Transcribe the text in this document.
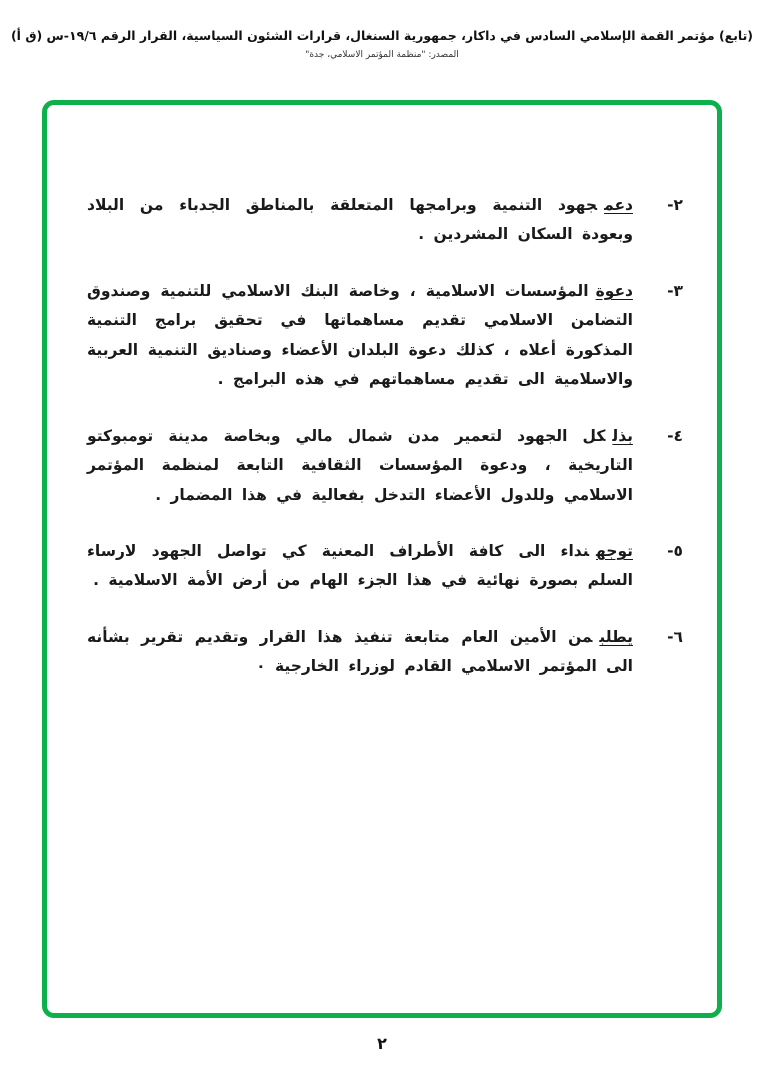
(تابع) مؤتمر القمة الإسلامي السادس في داكار، جمهورية السنغال، قرارات الشئون السياسية، القرار الرقم ١٩/٦-س (ق أ)
المصدر: "منظمة المؤتمر الاسلامي، جدة"
٢-
دعمجهود التنمية وبرامجها المتعلقة بالمناطق الجدباء من البلاد وبعودة السكان المشردين .
٣-
دعوةالمؤسسات الاسلامية ، وخاصة البنك الاسلامي للتنمية وصندوق التضامن الاسلامي تقديم مساهماتها في تحقيق برامج التنمية المذكورة أعلاه ، كذلك دعوة البلدان الأعضاء وصناديق التنمية العربية والاسلامية الى تقديم مساهماتهم في هذه البرامج .
٤-
بذلكل الجهود لتعمير مدن شمال مالي وبخاصة مدينة تومبوكتو التاريخية ، ودعوة المؤسسات الثقافية التابعة لمنظمة المؤتمر الاسلامي وللدول الأعضاء التدخل بفعالية في هذا المضمار .
٥-
توجهنداء الى كافة الأطراف المعنية كي تواصل الجهود لارساء السلم بصورة نهائية في هذا الجزء الهام من أرض الأمة الاسلامية .
٦-
يطلبمن الأمين العام متابعة تنفيذ هذا القرار وتقديم تقرير بشأنه الى المؤتمر الاسلامي القادم لوزراء الخارجية ٠
٢
